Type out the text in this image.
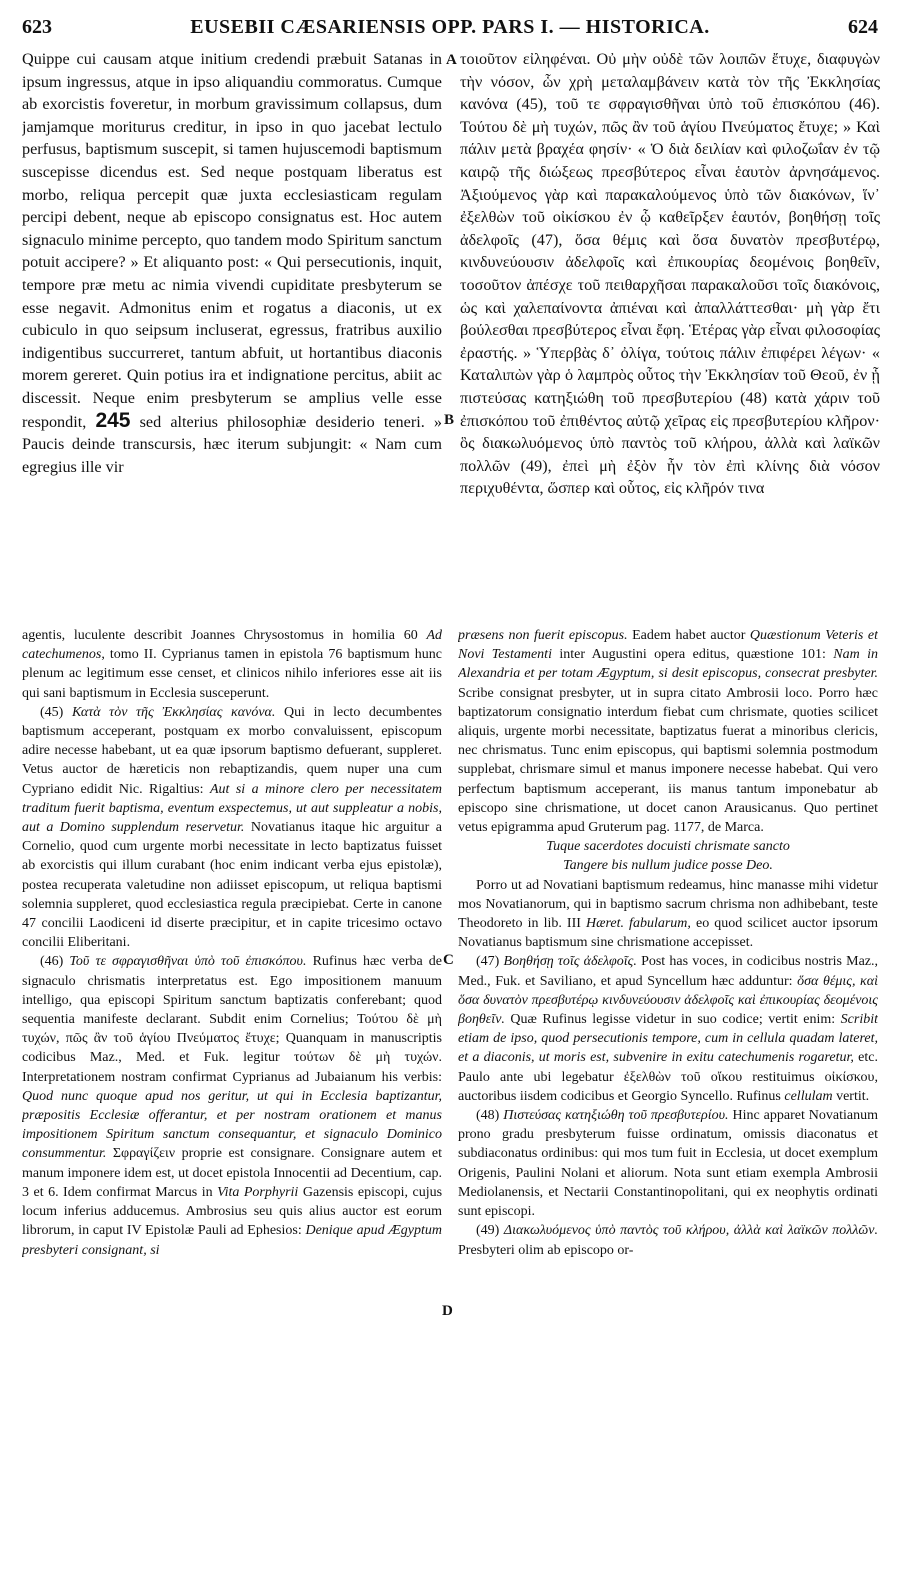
623	EUSEBII CÆSARIENSIS OPP. PARS I. — HISTORICA.	624
A
B
C
D

Quippe cui causam atque initium credendi præbuit Satanas in ipsum ingressus, atque in ipso aliquandiu commoratus. Cumque ab exorcistis foveretur, in morbum gravissimum collapsus, dum jamjamque moriturus creditur, in ipso in quo jacebat lectulo perfusus, baptismum suscepit, si tamen hujuscemodi baptismum suscepisse dicendus est. Sed neque postquam liberatus est morbo, reliqua percepit quæ juxta ecclesiasticam regulam percipi debent, neque ab episcopo consignatus est. Hoc autem signaculo minime percepto, quo tandem modo Spiritum sanctum potuit accipere? » Et aliquanto post: « Qui persecutionis, inquit, tempore præ metu ac nimia vivendi cupiditate presbyterum se esse negavit. Admonitus enim et rogatus a diaconis, ut ex cubiculo in quo seipsum incluserat, egressus, fratribus auxilio indigentibus succurreret, tantum abfuit, ut hortantibus diaconis morem gereret. Quin potius ira et indignatione percitus, abiit ac discessit. Neque enim presbyterum se amplius velle esse respondit, 245 sed alterius philosophiæ desiderio teneri. » Paucis deinde transcursis, hæc iterum subjungit: « Nam cum egregius ille vir

τοιοῦτον εἰληφέναι. Οὐ μὴν οὐδὲ τῶν λοιπῶν ἔτυχε, διαφυγὼν τὴν νόσον, ὧν χρὴ μεταλαμβάνειν κατὰ τὸν τῆς Ἐκκλησίας κανόνα (45), τοῦ τε σφραγισθῆναι ὑπὸ τοῦ ἐπισκόπου (46). Τούτου δὲ μὴ τυχών, πῶς ἂν τοῦ ἁγίου Πνεύματος ἔτυχε; » Καὶ πάλιν μετὰ βραχέα φησίν· « Ὁ διὰ δειλίαν καὶ φιλοζωΐαν ἐν τῷ καιρῷ τῆς διώξεως πρεσβύτερος εἶναι ἑαυτὸν ἀρνησάμενος. Ἀξιούμενος γὰρ καὶ παρακαλούμενος ὑπὸ τῶν διακόνων, ἵν᾽ ἐξελθὼν τοῦ οἰκίσκου ἐν ᾧ καθεῖρξεν ἑαυτόν, βοηθήσῃ τοῖς ἀδελφοῖς (47), ὅσα θέμις καὶ ὅσα δυνατὸν πρεσβυτέρῳ, κινδυνεύουσιν ἀδελφοῖς καὶ ἐπικουρίας δεομένοις βοηθεῖν, τοσοῦτον ἀπέσχε τοῦ πειθαρχῆσαι παρακαλοῦσι τοῖς διακόνοις, ὡς καὶ χαλεπαίνοντα ἀπιέναι καὶ ἀπαλλάττεσθαι· μὴ γὰρ ἔτι βούλεσθαι πρεσβύτερος εἶναι ἔφη. Ἑτέρας γὰρ εἶναι φιλοσοφίας ἐραστής. » Ὑπερβὰς δ᾽ ὀλίγα, τούτοις πάλιν ἐπιφέρει λέγων· « Καταλιπὼν γὰρ ὁ λαμπρὸς οὗτος τὴν Ἐκκλησίαν τοῦ Θεοῦ, ἐν ᾗ πιστεύσας κατηξιώθη τοῦ πρεσβυτερίου (48) κατὰ χάριν τοῦ ἐπισκόπου τοῦ ἐπιθέντος αὐτῷ χεῖρας εἰς πρεσβυτερίου κλῆρον· ὃς διακωλυόμενος ὑπὸ παντὸς τοῦ κλήρου, ἀλλὰ καὶ λαϊκῶν πολλῶν (49), ἐπεὶ μὴ ἐξὸν ἦν τὸν ἐπὶ κλίνης διὰ νόσον περιχυθέντα, ὥσπερ καὶ οὗτος, εἰς κλῆρόν τινα

agentis, luculente describit Joannes Chrysostomus in homilia 60 Ad catechumenos, tomo II. Cyprianus tamen in epistola 76 baptismum hunc plenum ac legitimum esse censet, et clinicos nihilo inferiores esse ait iis qui sani baptismum in Ecclesia susceperunt.

(45) Κατὰ τὸν τῆς Ἐκκλησίας κανόνα. Qui in lecto decumbentes baptismum acceperant, postquam ex morbo convaluissent, episcopum adire necesse habebant, ut ea quæ ipsorum baptismo defuerant, suppleret. Vetus auctor de hæreticis non rebaptizandis, quem nuper una cum Cypriano edidit Nic. Rigaltius: Aut si a minore clero per necessitatem traditum fuerit baptisma, eventum exspectemus, ut aut suppleatur a nobis, aut a Domino supplendum reservetur. Novatianus itaque hic arguitur a Cornelio, quod cum urgente morbi necessitate in lecto baptizatus fuisset ab exorcistis qui illum curabant (hoc enim indicant verba ejus epistolæ), postea recuperata valetudine non adiisset episcopum, ut reliqua baptismi solemnia suppleret, quod ecclesiastica regula præcipiebat. Certe in canone 47 concilii Laodiceni id diserte præcipitur, et in capite tricesimo octavo concilii Eliberitani.

(46) Τοῦ τε σφραγισθῆναι ὑπὸ τοῦ ἐπισκόπου. Rufinus hæc verba de signaculo chrismatis interpretatus est. Ego impositionem manuum intelligo, qua episcopi Spiritum sanctum baptizatis conferebant; quod sequentia manifeste declarant. Subdit enim Cornelius; Τούτου δὲ μὴ τυχών, πῶς ἂν τοῦ ἁγίου Πνεύματος ἔτυχε; Quanquam in manuscriptis codicibus Maz., Med. et Fuk. legitur τούτων δὲ μὴ τυχών. Interpretationem nostram confirmat Cyprianus ad Jubaianum his verbis: Quod nunc quoque apud nos geritur, ut qui in Ecclesia baptizantur, præpositis Ecclesiæ offerantur, et per nostram orationem et manus impositionem Spiritum sanctum consequantur, et signaculo Dominico consummentur. Σφραγίζειν proprie est consignare. Consignare autem et manum imponere idem est, ut docet epistola Innocentii ad Decentium, cap. 3 et 6. Idem confirmat Marcus in Vita Porphyrii Gazensis episcopi, cujus locum inferius adducemus. Ambrosius seu quis alius auctor est eorum librorum, in caput IV Epistolæ Pauli ad Ephesios: Denique apud Ægyptum presbyteri consignant, si

præsens non fuerit episcopus. Eadem habet auctor Quæstionum Veteris et Novi Testamenti inter Augustini opera editus, quæstione 101: Nam in Alexandria et per totam Ægyptum, si desit episcopus, consecrat presbyter. Scribe consignat presbyter, ut in supra citato Ambrosii loco. Porro hæc baptizatorum consignatio interdum fiebat cum chrismate, quoties scilicet aliquis, urgente morbi necessitate, baptizatus fuerat a minoribus clericis, nec chrismatus. Tunc enim episcopus, qui baptismi solemnia postmodum supplebat, chrismare simul et manus imponere necesse habebat. Qui vero perfectum baptismum acceperant, iis manus tantum imponebatur ab episcopo sine chrismatione, ut docet canon Arausicanus. Quo pertinet vetus epigramma apud Gruterum pag. 1177, de Marca.

Tuque sacerdotes docuisti chrismate sancto

Tangere bis nullum judice posse Deo.

Porro ut ad Novatiani baptismum redeamus, hinc manasse mihi videtur mos Novatianorum, qui in baptismo sacrum chrisma non adhibebant, teste Theodoreto in lib. III Hæret. fabularum, eo quod scilicet auctor ipsorum Novatianus baptismum sine chrismatione accepisset.

(47) Βοηθήσῃ τοῖς ἀδελφοῖς. Post has voces, in codicibus nostris Maz., Med., Fuk. et Saviliano, et apud Syncellum hæc adduntur: ὅσα θέμις, καὶ ὅσα δυνατὸν πρεσβυτέρῳ κινδυνεύουσιν ἀδελφοῖς καὶ ἐπικουρίας δεομένοις βοηθεῖν. Quæ Rufinus legisse videtur in suo codice; vertit enim: Scribit etiam de ipso, quod persecutionis tempore, cum in cellula quadam lateret, et a diaconis, ut moris est, subvenire in exitu catechumenis rogaretur, etc. Paulo ante ubi legebatur ἐξελθὼν τοῦ οἴκου restituimus οἰκίσκου, auctoribus iisdem codicibus et Georgio Syncello. Rufinus cellulam vertit.

(48) Πιστεύσας κατηξιώθη τοῦ πρεσβυτερίου. Hinc apparet Novatianum prono gradu presbyterum fuisse ordinatum, omissis diaconatus et subdiaconatus ordinibus: qui mos tum fuit in Ecclesia, ut docet exemplum Origenis, Paulini Nolani et aliorum. Nota sunt etiam exempla Ambrosii Mediolanensis, et Nectarii Constantinopolitani, qui ex neophytis ordinati sunt episcopi.

(49) Διακωλυόμενος ὑπὸ παντὸς τοῦ κλήρου, ἀλλὰ καὶ λαϊκῶν πολλῶν. Presbyteri olim ab episcopo or-
